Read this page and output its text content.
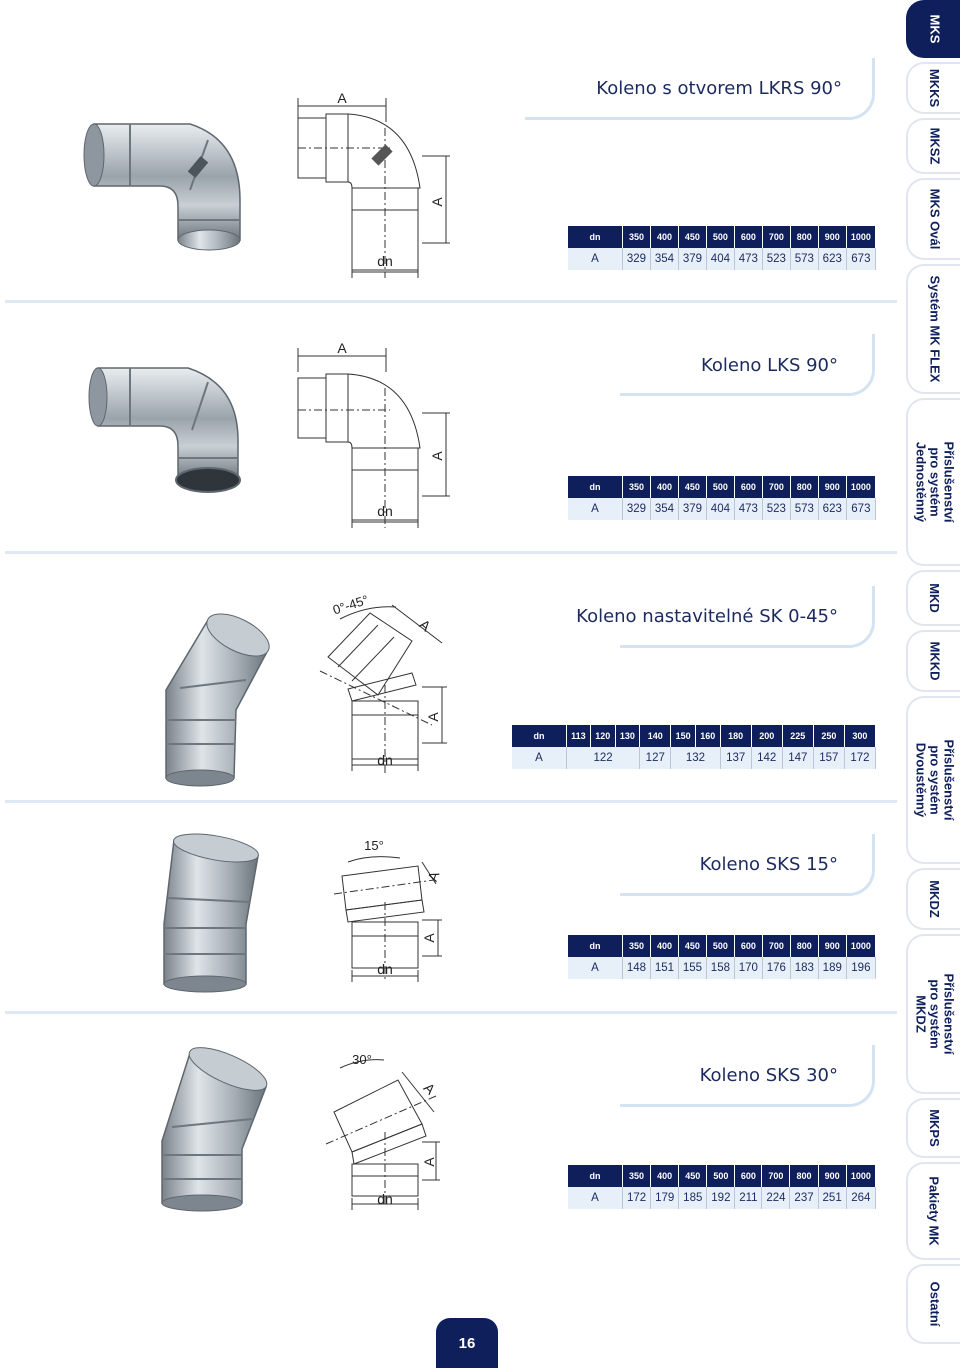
MKS
MKKS
MKSZ
MKS Ovál
Systém MK FLEX
Příslušenství pro systém Jednostěnný
MKD
MKKD
Příslušenství pro systém Dvoustěnný
MKDZ
Příslušenství pro systém MKDZ
MKPS
Pakiety MK
Ostatní
Koleno s otvorem LKRS 90°
Koleno LKS 90°
Koleno nastavitelné SK 0-45°
Koleno SKS 15°
Koleno SKS 30°
dn	350	400	450	500	600	700	800	900	1000
A	329	354	379	404	473	523	573	623	673
dn	350	400	450	500	600	700	800	900	1000
A	329	354	379	404	473	523	573	623	673
dn	113	120	130	140	150	160	180	200	225	250	300
A	122			127	132		137	142	147	157	172
dn	350	400	450	500	600	700	800	900	1000
A	148	151	155	158	170	176	183	189	196
dn	350	400	450	500	600	700	800	900	1000
A	172	179	185	192	211	224	237	251	264
A
A
dn
A
A
dn
0°-45°
A
A
dn
15°
A
A
dn
30°
A
A
dn
16
